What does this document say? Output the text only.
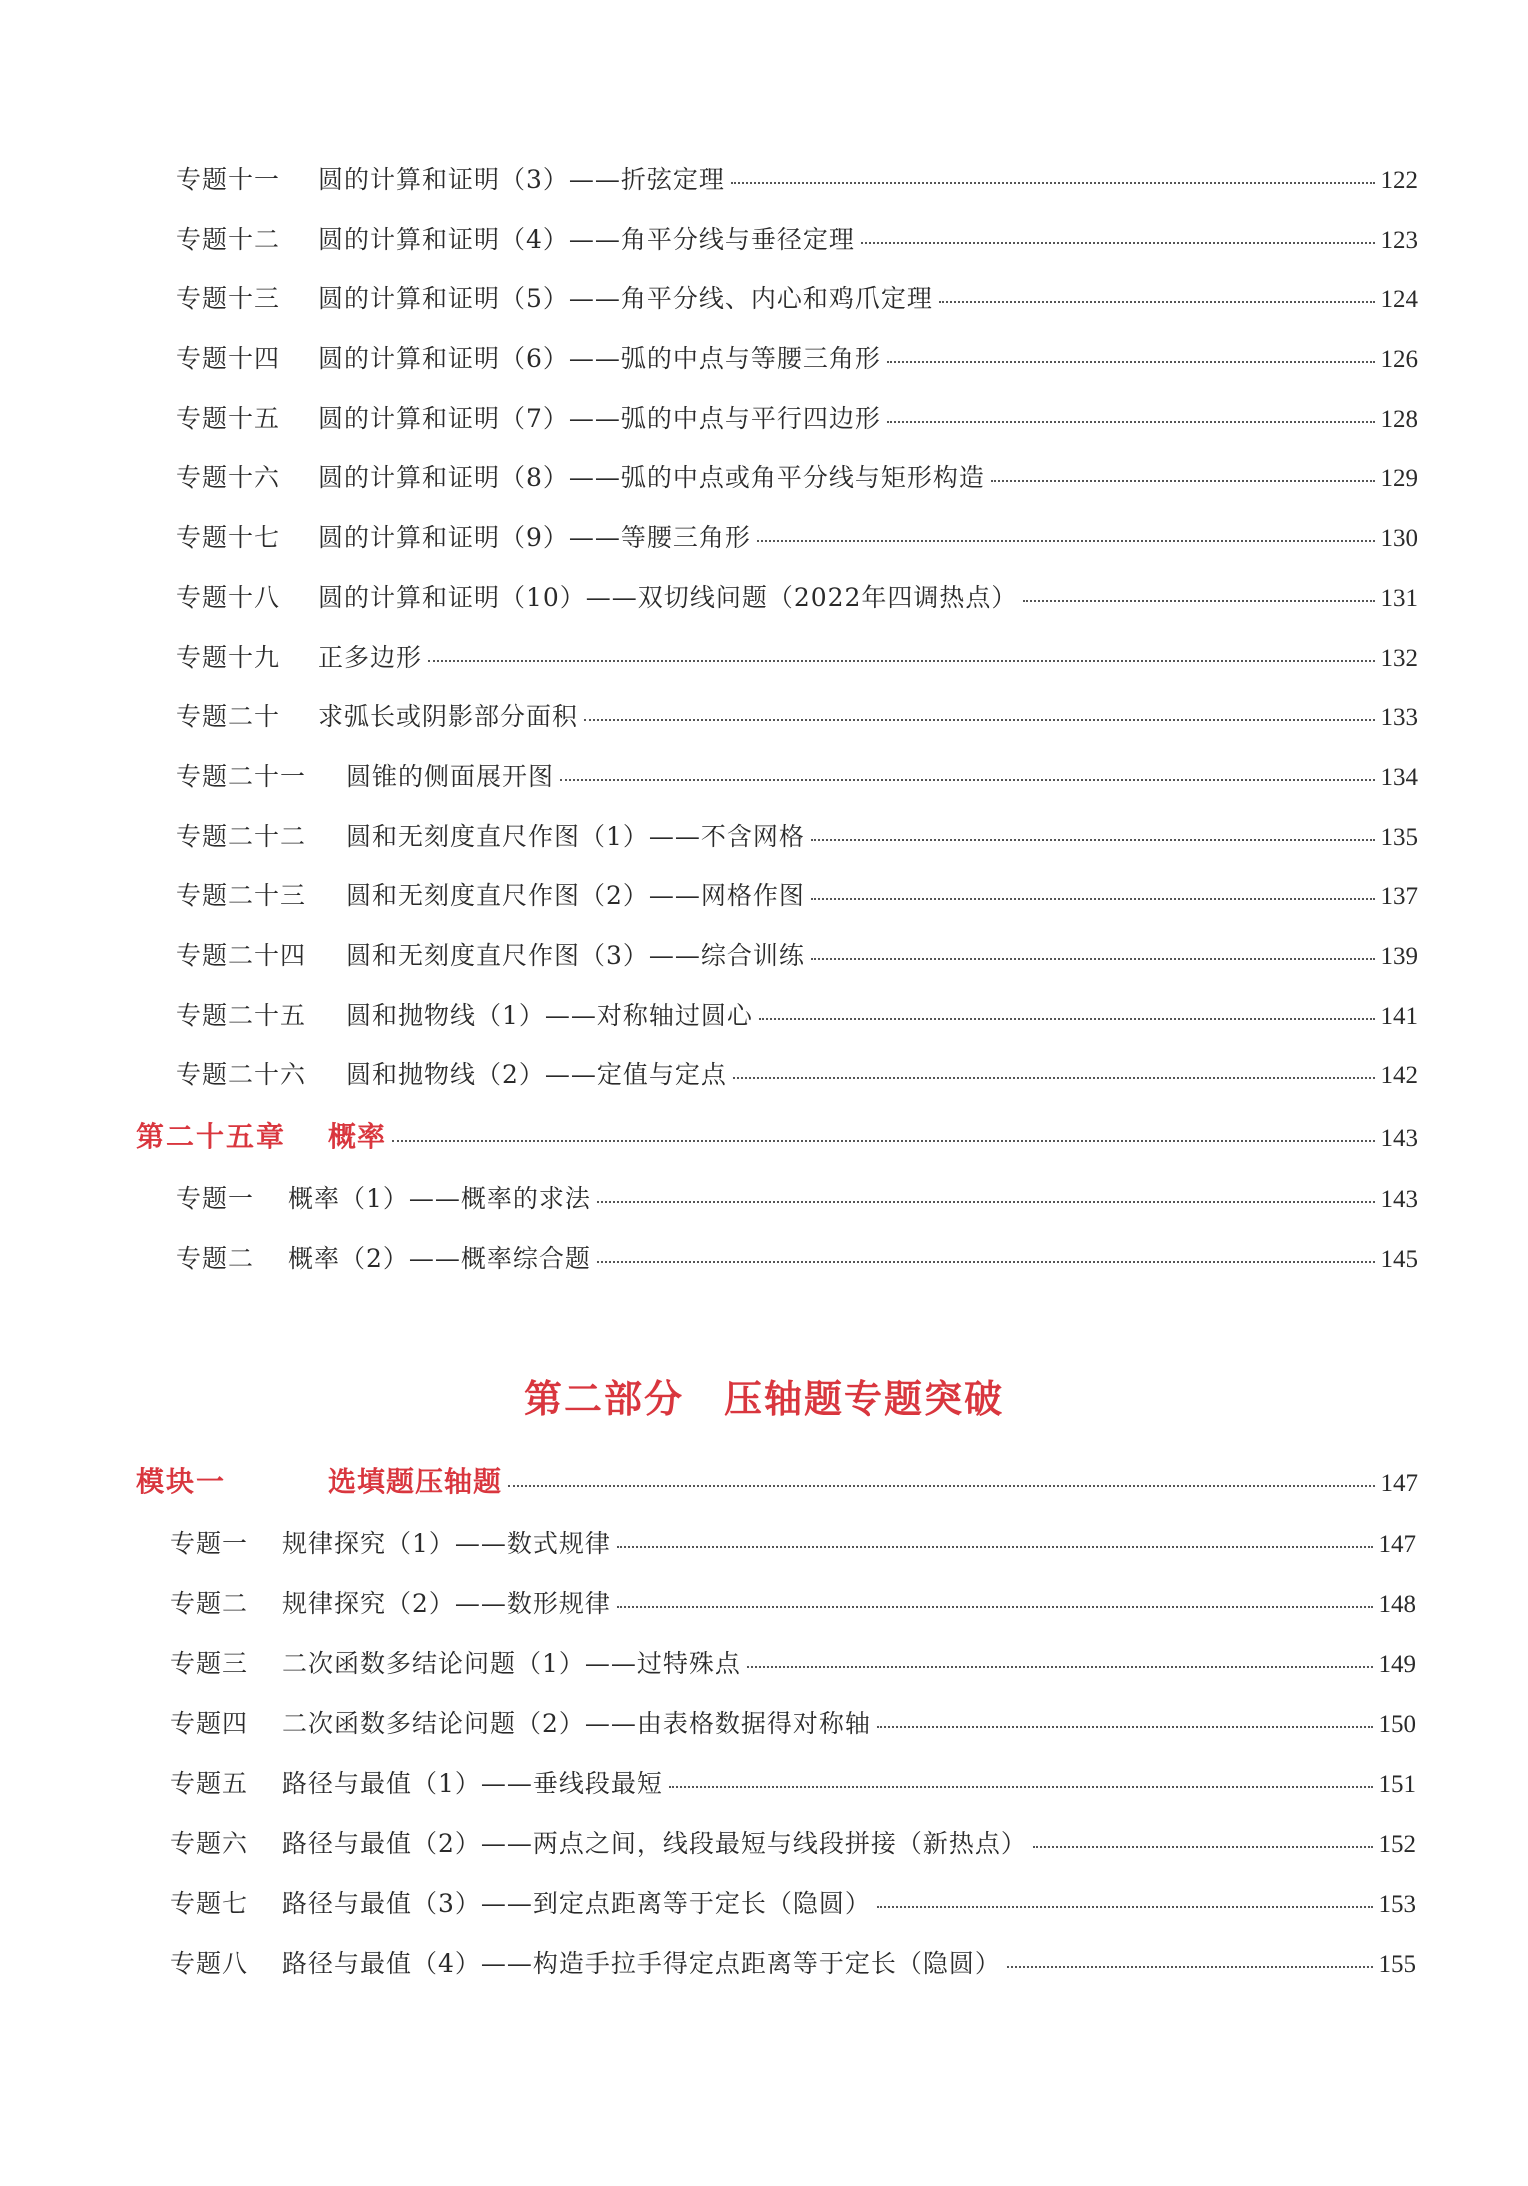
专题十一	圆的计算和证明（3）——折弦定理	122
专题十二	圆的计算和证明（4）——角平分线与垂径定理	123
专题十三	圆的计算和证明（5）——角平分线、内心和鸡爪定理	124
专题十四	圆的计算和证明（6）——弧的中点与等腰三角形	126
专题十五	圆的计算和证明（7）——弧的中点与平行四边形	128
专题十六	圆的计算和证明（8）——弧的中点或角平分线与矩形构造	129
专题十七	圆的计算和证明（9）——等腰三角形	130
专题十八	圆的计算和证明（10）——双切线问题（2022年四调热点）	131
专题十九	正多边形	132
专题二十	求弧长或阴影部分面积	133
专题二十一	圆锥的侧面展开图	134
专题二十二	圆和无刻度直尺作图（1）——不含网格	135
专题二十三	圆和无刻度直尺作图（2）——网格作图	137
专题二十四	圆和无刻度直尺作图（3）——综合训练	139
专题二十五	圆和抛物线（1）——对称轴过圆心	141
专题二十六	圆和抛物线（2）——定值与定点	142
第二十五章	概率	143
专题一	概率（1）——概率的求法	143
专题二	概率（2）——概率综合题	145
第二部分 压轴题专题突破
模块一	选填题压轴题	147
专题一	规律探究（1）——数式规律	147
专题二	规律探究（2）——数形规律	148
专题三	二次函数多结论问题（1）——过特殊点	149
专题四	二次函数多结论问题（2）——由表格数据得对称轴	150
专题五	路径与最值（1）——垂线段最短	151
专题六	路径与最值（2）——两点之间，线段最短与线段拼接（新热点）	152
专题七	路径与最值（3）——到定点距离等于定长（隐圆）	153
专题八	路径与最值（4）——构造手拉手得定点距离等于定长（隐圆）	155
